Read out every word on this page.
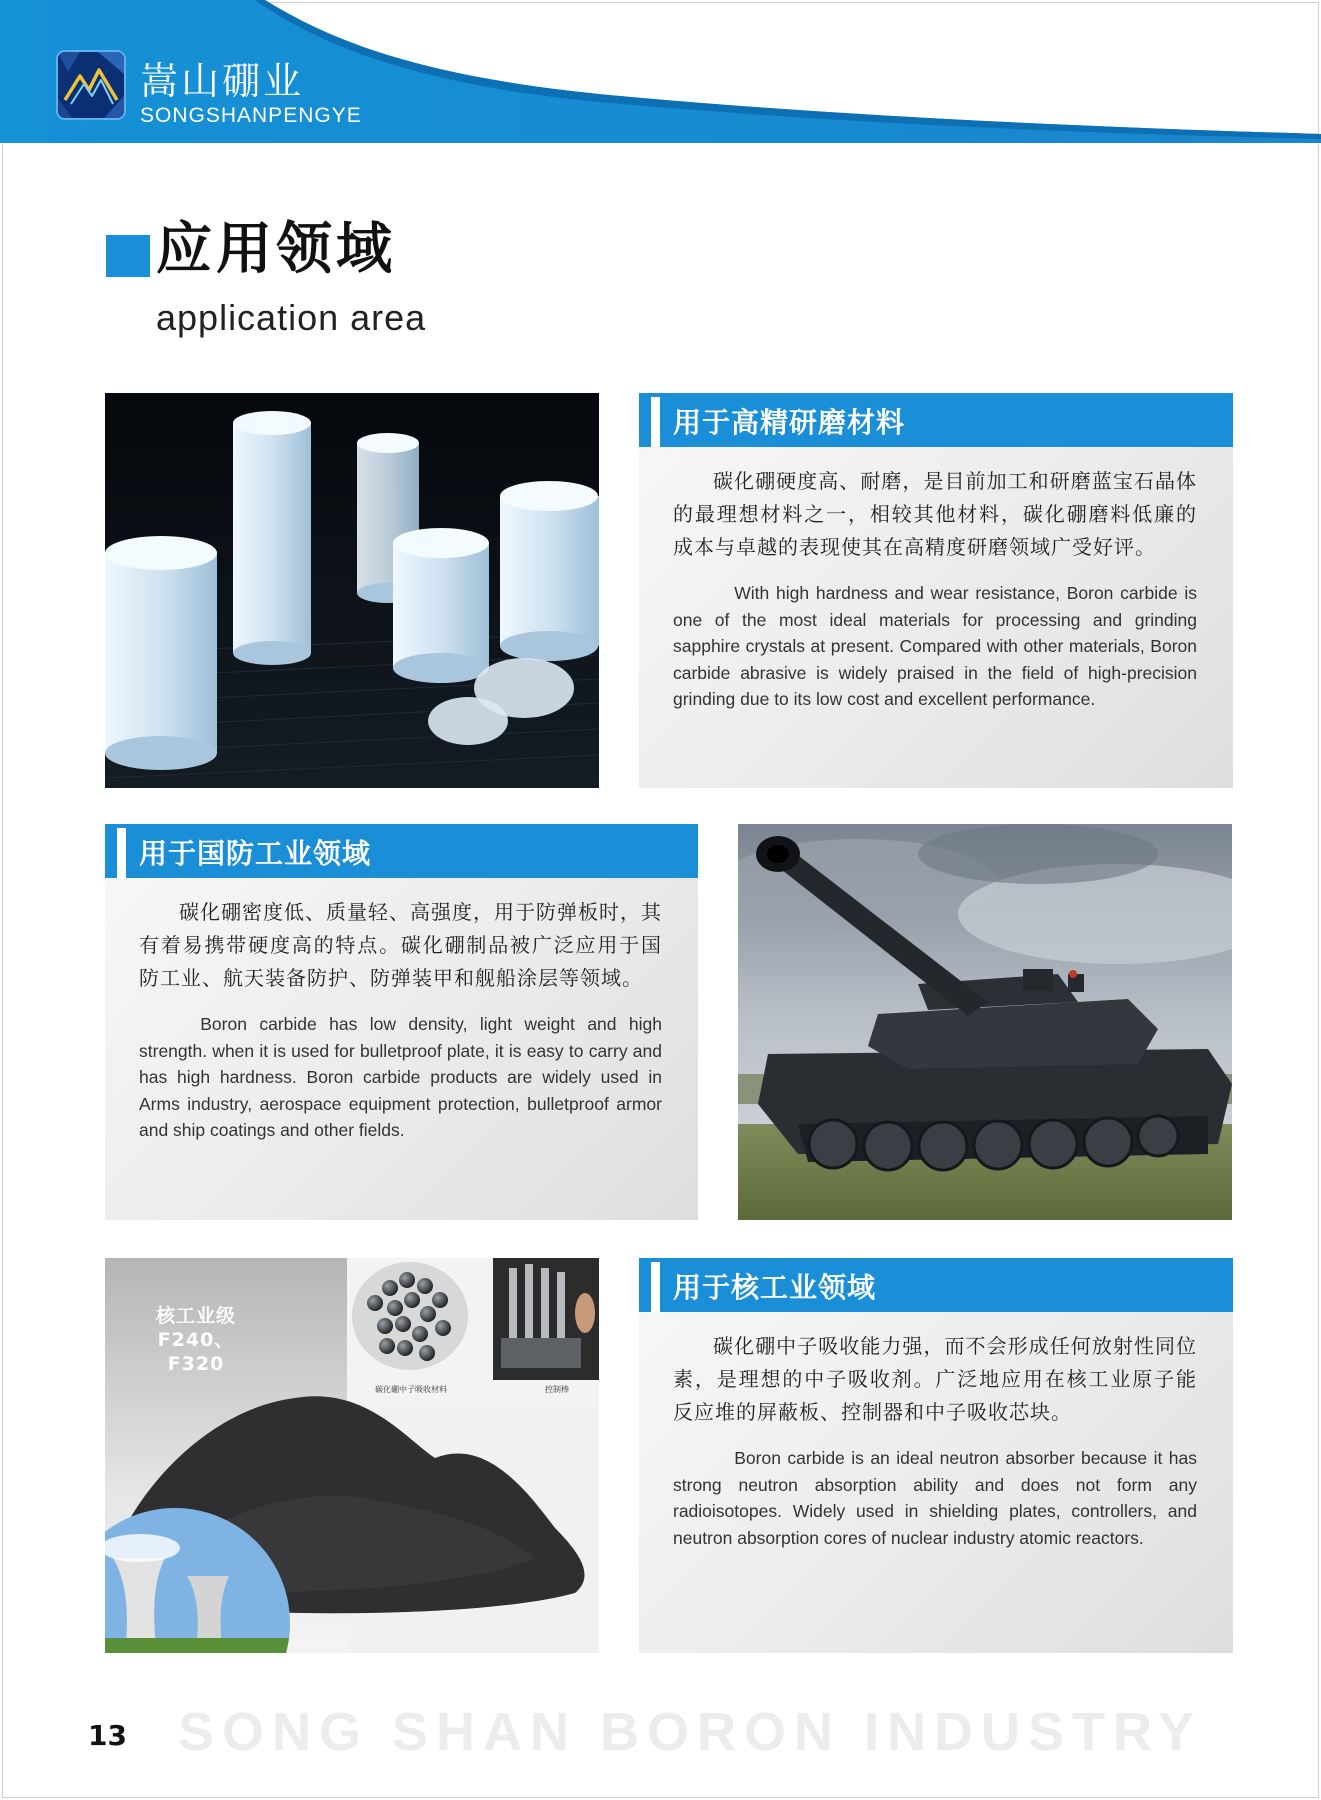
嵩山硼业
SONGSHANPENGYE
应用领域
application area
用于高精研磨材料

碳化硼硬度高、耐磨，是目前加工和研磨蓝宝石晶体的最理想材料之一，相较其他材料，碳化硼磨料低廉的成本与卓越的表现使其在高精度研磨领域广受好评。

With high hardness and wear resistance, Boron carbide is one of the most ideal materials for processing and grinding sapphire crystals at present. Compared with other materials, Boron carbide abrasive is widely praised in the field of high-precision grinding due to its low cost and excellent performance.

用于国防工业领域

碳化硼密度低、质量轻、高强度，用于防弹板时，其有着易携带硬度高的特点。碳化硼制品被广泛应用于国防工业、航天装备防护、防弹装甲和舰船涂层等领域。

Boron carbide has low density, light weight and high strength. when it is used for bulletproof plate, it is easy to carry and has high hardness. Boron carbide products are widely used in Arms industry, aerospace equipment protection, bulletproof armor and ship coatings and other fields.

核工业级
F240、F320
碳化硼中子吸收材料	控制棒
用于核工业领域

碳化硼中子吸收能力强，而不会形成任何放射性同位素，是理想的中子吸收剂。广泛地应用在核工业原子能反应堆的屏蔽板、控制器和中子吸收芯块。

Boron carbide is an ideal neutron absorber because it has strong neutron absorption ability and does not form any radioisotopes. Widely used in shielding plates, controllers, and neutron absorption cores of nuclear industry atomic reactors.

SONG SHAN BORON INDUSTRY
13
